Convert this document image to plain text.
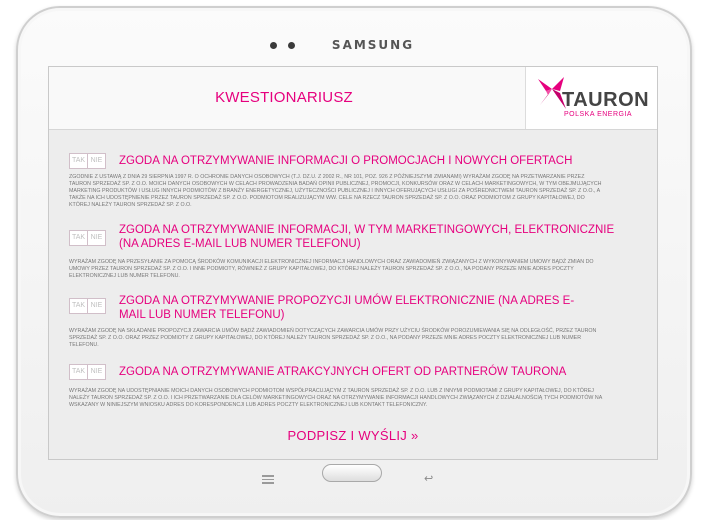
SAMSUNG
KWESTIONARIUSZ	TAURON
POLSKA ENERGIA
TAK NIE ZGODA NA OTRZYMYWANIE INFORMACJI O PROMOCJACH I NOWYCH OFERTACH
ZGODNIE Z USTAWĄ Z DNIA 29 SIERPNIA 1997 R. O OCHRONIE DANYCH OSOBOWYCH (T.J. DZ.U. Z 2002 R., NR 101, POZ. 926 Z PÓŹNIEJSZYMI ZMIANAMI) WYRAŻAM ZGODĘ NA PRZETWARZANIE PRZEZ TAURON SPRZEDAŻ SP. Z O.O. MOICH DANYCH OSOBOWYCH W CELACH PROWADZENIA BADAŃ OPINII PUBLICZNEJ, PROMOCJI, KONKURSÓW ORAZ W CELACH MARKETINGOWYCH, W TYM OBEJMUJĄCYCH MARKETING PRODUKTÓW I USŁUG INNYCH PODMIOTÓW Z BRANŻY ENERGETYCZNEJ, UŻYTECZNOŚCI PUBLICZNEJ I INNYCH OFERUJĄCYCH USŁUGI ZA POŚREDNICTWEM TAURON SPRZEDAŻ SP. Z O.O., A TAKŻE NA ICH UDOSTĘPNIENIE PRZEZ TAURON SPRZEDAŻ SP. Z O.O. PODMIOTOM REALIZUJĄCYM WW. CELE NA RZECZ TAURON SPRZEDAŻ SP. Z O.O. ORAZ PODMIOTOM Z GRUPY KAPITAŁOWEJ, DO KTÓREJ NALEŻY TAURON SPRZEDAŻ SP. Z O.O.
TAK NIE
ZGODA NA OTRZYMYWANIE INFORMACJI, W TYM MARKETINGOWYCH, ELEKTRONICZNIE (NA ADRES E-MAIL LUB NUMER TELEFONU)
WYRAŻAM ZGODĘ NA PRZESYŁANIE ZA POMOCĄ ŚRODKÓW KOMUNIKACJI ELEKTRONICZNEJ INFORMACJI HANDLOWYCH ORAZ ZAWIADOMIEŃ ZWIĄZANYCH Z WYKONYWANIEM UMOWY BĄDŹ ZMIAN DO UMOWY PRZEZ TAURON SPRZEDAŻ SP. Z O.O. I INNE PODMIOTY, RÓWNIEŻ Z GRUPY KAPITAŁOWEJ, DO KTÓREJ NALEŻY TAURON SPRZEDAŻ SP. Z O.O., NA PODANY PRZEZE MNIE ADRES POCZTY ELEKTRONICZNEJ LUB NUMER TELEFONU.
TAK NIE ZGODA NA OTRZYMYWANIE PROPOZYCJI UMÓW ELEKTRONICZNIE (NA ADRES E-MAIL LUB NUMER TELEFONU)
WYRAŻAM ZGODĘ NA SKŁADANIE PROPOZYCJI ZAWARCIA UMÓW BĄDŹ ZAWIADOMIEŃ DOTYCZĄCYCH ZAWARCIA UMÓW PRZY UŻYCIU ŚRODKÓW POROZUMIEWANIA SIĘ NA ODLEGŁOŚĆ, PRZEZ TAURON SPRZEDAŻ SP. Z O.O. ORAZ PRZEZ PODMIOTY Z GRUPY KAPITAŁOWEJ, DO KTÓREJ NALEŻY TAURON SPRZEDAŻ SP. Z O.O., NA PODANY PRZEZE MNIE ADRES POCZTY ELEKTRONICZNEJ LUB NUMER TELEFONU.
TAK NIE ZGODA NA OTRZYMYWANIE ATRAKCYJNYCH OFERT OD PARTNERÓW TAURONA
WYRAŻAM ZGODĘ NA UDOSTĘPNIANIE MOICH DANYCH OSOBOWYCH PODMIOTOM WSPÓŁPRACUJĄCYM Z TAURON SPRZEDAŻ SP. Z O.O. LUB Z INNYMI PODMIOTAMI Z GRUPY KAPITAŁOWEJ, DO KTÓREJ NALEŻY TAURON SPRZEDAŻ SP. Z O.O. I ICH PRZETWARZANIE DLA CELÓW MARKETINGOWYCH ORAZ NA OTRZYMYWANIE INFORMACJI HANDLOWYCH ZWIĄZANYCH Z DZIAŁALNOŚCIĄ TYCH PODMIOTÓW NA WSKAZANY W NINIEJSZYM WNIOSKU ADRES DO KORESPONDENCJI LUB ADRES POCZTY ELEKTRONICZNEJ LUB KONTAKT TELEFONICZNY.
PODPISZ I WYŚLIJ »
↩
